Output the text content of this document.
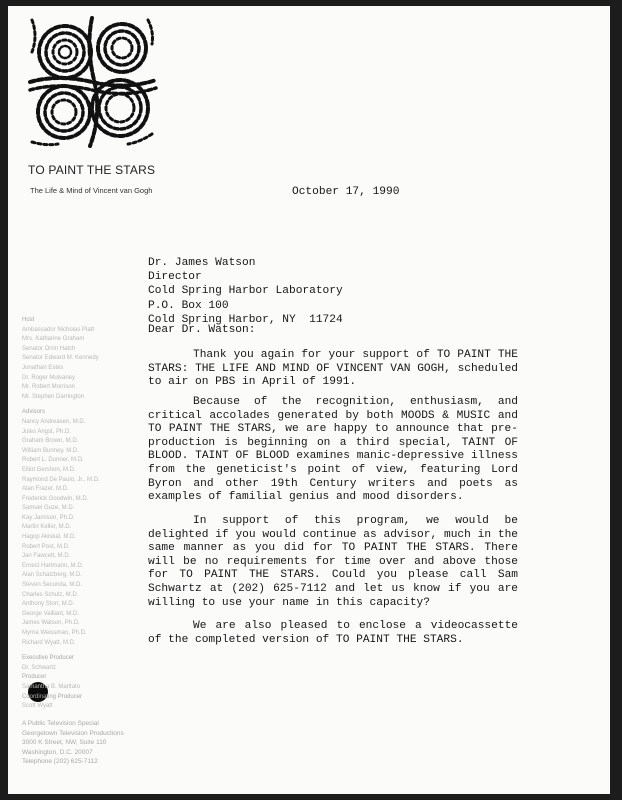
TO PAINT THE STARS
The Life & Mind of Vincent van Gogh
Host
Ambassador Nicholas Platt
Mrs. Katharine Graham
Senator Orrin Hatch
Senator Edward M. Kennedy
Jonathan Estes
Dr. Roger Mulvaney
Mr. Robert Morrison
Mr. Stephen Darrington
Advisors
Nancy Andreasen, M.D.
Jules Angst, Ph.D.
Graham Brown, M.D.
William Bunney, M.D.
Robert L. Dunner, M.D.
Elliot Gershon, M.D.
Raymond De Paulo, Jr., M.D.
Alan Frazer, M.D.
Frederick Goodwin, M.D.
Samuel Guze, M.D.
Kay Jamison, Ph.D.
Martin Keller, M.D.
Hagop Akiskal, M.D.
Robert Post, M.D.
Jan Fawcett, M.D.
Ernest Hartmann, M.D.
Alan Schatzberg, M.D.
Steven Secunda, M.D.
Charles Schulz, M.D.
Anthony Storr, M.D.
George Vaillant, M.D.
James Watson, Ph.D.
Myrna Weissman, Ph.D.
Richard Wyatt, M.D.
Executive Producer
Dr. Schwartz
Producer
Samantha B. Maritato
Coordinating Producer
Scott Wyatt
A Public Television Special
Georgetown Television Productions
3000 K Street, NW, Suite 110
Washington, D.C. 20007
Telephone (202) 625-7112
October 17, 1990
Dr. James Watson
Director
Cold Spring Harbor Laboratory
P.O. Box 100
Cold Spring Harbor, NY  11724
Dear Dr. Watson:
Thank you again for your support of TO PAINT THE STARS: THE LIFE AND MIND OF VINCENT VAN GOGH, scheduled to air on PBS in April of 1991.
Because of the recognition, enthusiasm, and critical accolades generated by both MOODS & MUSIC and TO PAINT THE STARS, we are happy to announce that pre-production is beginning on a third special, TAINT OF BLOOD. TAINT OF BLOOD examines manic-depressive illness from the geneticist's point of view, featuring Lord Byron and other 19th Century writers and poets as examples of familial genius and mood disorders.
In support of this program, we would be delighted if you would continue as advisor, much in the same manner as you did for TO PAINT THE STARS. There will be no requirements for time over and above those for TO PAINT THE STARS. Could you please call Sam Schwartz at (202) 625-7112 and let us know if you are willing to use your name in this capacity?
We are also pleased to enclose a videocassette of the completed version of TO PAINT THE STARS.
